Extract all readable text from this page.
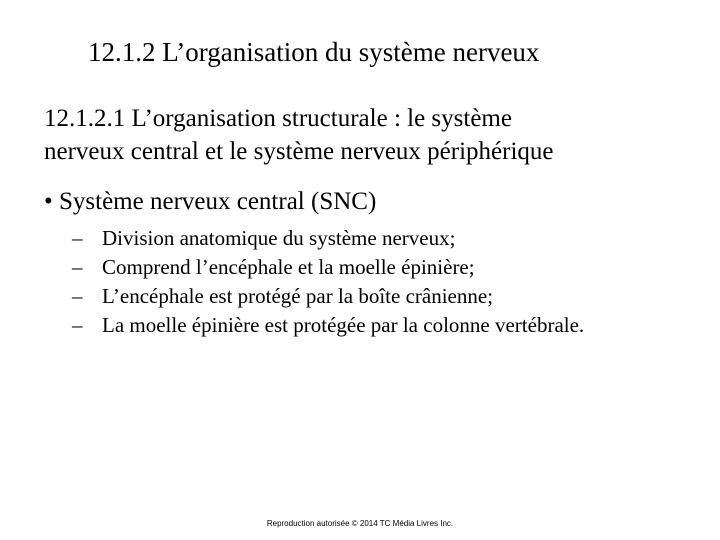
12.1.2 L’organisation du système nerveux
12.1.2.1 L’organisation structurale : le système
nerveux central et le système nerveux périphérique
• Système nerveux central (SNC)
– Division anatomique du système nerveux;
– Comprend l’encéphale et la moelle épinière;
– L’encéphale est protégé par la boîte crânienne;
– La moelle épinière est protégée par la colonne vertébrale.
Reproduction autorisée © 2014 TC Média Livres Inc.
